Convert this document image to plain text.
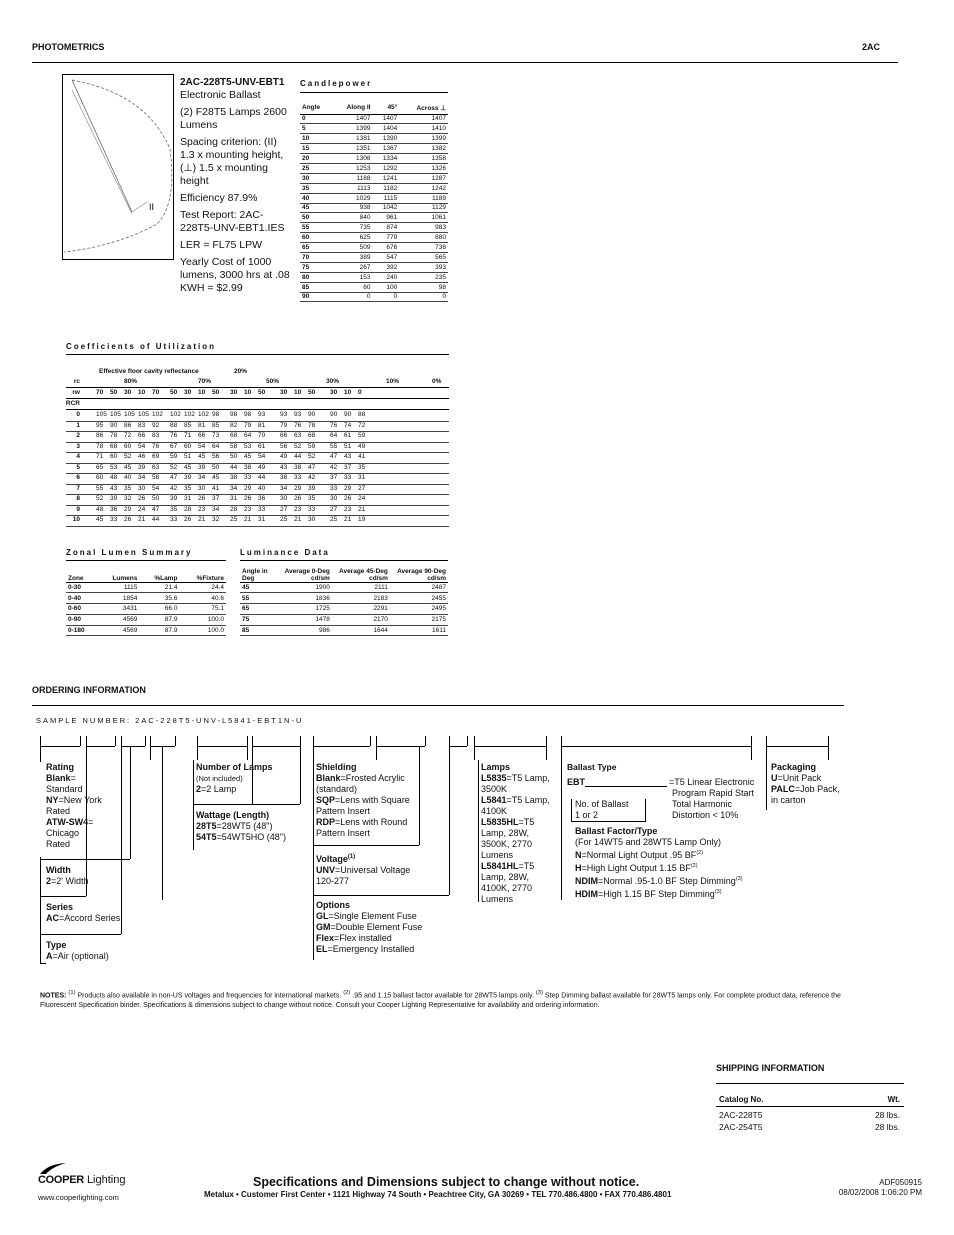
PHOTOMETRICS	2AC
II
2AC-228T5-UNV-EBT1
Electronic Ballast
(2) F28T5 Lamps 2600 Lumens
Spacing criterion: (II) 1.3 x mounting height, (⊥) 1.5 x mounting height
Efficiency 87.9%
Test Report: 2AC-228T5-UNV-EBT1.IES
LER = FL75 LPW
Yearly Cost of 1000 lumens, 3000 hrs at .08 KWH = $2.99
Candlepower
Angle	Along II	45°	Across ⊥
0	1407	1407	1407
5	1399	1404	1410
10	1381	1390	1399
15	1351	1367	1382
20	1308	1334	1358
25	1253	1292	1326
30	1188	1241	1287
35	1113	1182	1242
40	1029	1115	1189
45	938	1042	1129
50	840	961	1061
55	735	874	983
60	625	779	880
65	509	676	736
70	389	547	565
75	267	392	393
80	153	240	235
85	60	100	98
90	0	0	0
Coefficients of Utilization
Effective floor cavity reflectance	20%
rc	80%	70%	50%	30%	10%	0%
rw 70 50 30 10 70 50 30 10 50 30 10 50 30 10 50 30 10 0
RCR
0 105 105 105 105 102 102 102 102 98 98 98 93 93 93 90 90 90 88
1 95 90 86 83 92 88 85 81 85 82 79 81 79 76 78 76 74 72
2 86 78 72 66 83 76 71 66 73 68 64 70 66 63 68 64 61 59
3 78 68 60 54 76 67 60 54 64 58 53 61 56 52 59 55 51 49
4 71 60 52 46 69 59 51 45 56 50 45 54 49 44 52 47 43 41
5 65 53 45 39 63 52 45 39 50 44 38 49 43 38 47 42 37 35
6 60 48 40 34 58 47 39 34 45 38 33 44 38 33 42 37 33 31
7 55 43 35 30 54 42 35 30 41 34 29 40 34 29 39 33 29 27
8 52 39 32 26 50 39 31 26 37 31 26 36 30 26 35 30 26 24
9 48 36 29 24 47 35 28 23 34 28 23 33 27 23 33 27 23 21
10 45 33 26 21 44 33 26 21 32 25 21 31 25 21 30 25 21 19
Zonal Lumen Summary
Zone	Lumens	%Lamp	%Fixture
0-30	1115	21.4	24.4
0-40	1854	35.6	40.6
0-60	3431	66.0	75.1
0-90	4569	87.9	100.0
0-180	4569	87.9	100.0
Luminance Data
Angle in Deg	Average 0-Deg cd/sm	Average 45-Deg cd/sm	Average 90-Deg cd/sm
45	1900	2111	2487
55	1836	2183	2455
65	1725	2291	2495
75	1478	2170	2175
85	986	1644	1611
ORDERING INFORMATION
SAMPLE NUMBER: 2AC-228T5-UNV-L5841-EBT1N-U
Rating
Blank=
Standard
NY=New York
Rated
ATW-SW4=
Chicago
Rated
Width
2=2' Width
Series
AC=Accord Series
Type
A=Air (optional)
Number of Lamps
(Not included)
2=2 Lamp
Wattage (Length)
28T5=28WT5 (48")
54T5=54WT5HO (48")
Shielding
Blank=Frosted Acrylic
(standard)
SQP=Lens with Square
Pattern Insert
RDP=Lens with Round
Pattern Insert
Voltage$^{(1)}$
UNV=Universal Voltage
120-277
Options
GL=Single Element Fuse
GM=Double Element Fuse
Flex=Flex installed
EL=Emergency Installed
Lamps
L5835=T5 Lamp,
3500K
L5841=T5 Lamp,
4100K
L5835HL=T5
Lamp, 28W,
3500K, 2770
Lumens
L5841HL=T5
Lamp, 28W,
4100K, 2770
Lumens
Ballast Type
EBT	=T5 Linear Electronic
Program Rapid Start
Total Harmonic
Distortion < 10%
No. of Ballast
1 or 2
Ballast Factor/Type
(For 14WT5 and 28WT5 Lamp Only)
N=Normal Light Output .95 BF$^{(2)}$
H=High Light Output 1.15 BF$^{(2)}$
NDIM=Normal .95-1.0 BF Step Dimming$^{(3)}$
HDIM=High 1.15 BF Step Dimming$^{(3)}$
Packaging
U=Unit Pack
PALC=Job Pack,
in carton
NOTES: $^{(1)}$ Products also available in non-US voltages and frequencies for international markets. $^{(2)}$ .95 and 1.15 ballast factor available for 28WT5 lamps only. $^{(3)}$ Step Dimming ballast available for 28WT5 lamps only. For complete product data, reference the Fluorescent Specification binder. Specifications & dimensions subject to change without notice. Consult your Cooper Lighting Representative for availability and ordering information.
SHIPPING INFORMATION
Catalog No.	Wt.
2AC-228T5	28 lbs.
2AC-254T5	28 lbs.
COOPER Lighting
www.cooperlighting.com
Specifications and Dimensions subject to change without notice.
Metalux • Customer First Center • 1121 Highway 74 South • Peachtree City, GA 30269 • TEL 770.486.4800 • FAX 770.486.4801
ADF050915
08/02/2008 1:06:20 PM
